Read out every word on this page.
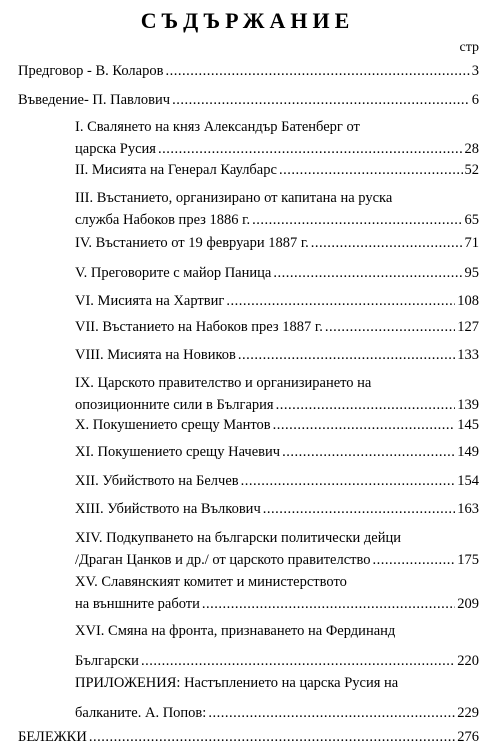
СЪДЪРЖАНИЕ
стр
Предговор - В. Коларов .....	3
Въведение- П. Павлович .....	6
I. Свалянето на княз Александър Батенберг от
царска Русия .....	28
II. Мисията на Генерал Каулбарс .....	52
III. Въстанието, организирано от капитана на руска
служба Набоков през 1886 г. .....	65
IV. Въстанието от 19 февруари 1887 г. .....	71
V. Преговорите с майор Паница .....	95
VI. Мисията на Хартвиг .....	108
VII. Въстанието на Набоков през 1887 г. .....	127
VIII. Мисията на Новиков .....	133
IX. Царското правителство и организирането на
опозиционните сили в България .....	139
X. Покушението срещу Мантов .....	145
XI. Покушението срещу Начевич .....	149
XII. Убийството на Белчев .....	154
XIII. Убийството на Вълкович .....	163
XIV. Подкупването на български политически дейци
/Драган Цанков и др./ от царското правителство .....	175
XV. Славянският комитет и министерството
на външните работи .....	209
XVI. Смяна на фронта, признаването на Фердинанд
Български .....	220
ПРИЛОЖЕНИЯ: Настъплението на царска Русия на
балканите. А. Попов: .....	229
БЕЛЕЖКИ .....	276
